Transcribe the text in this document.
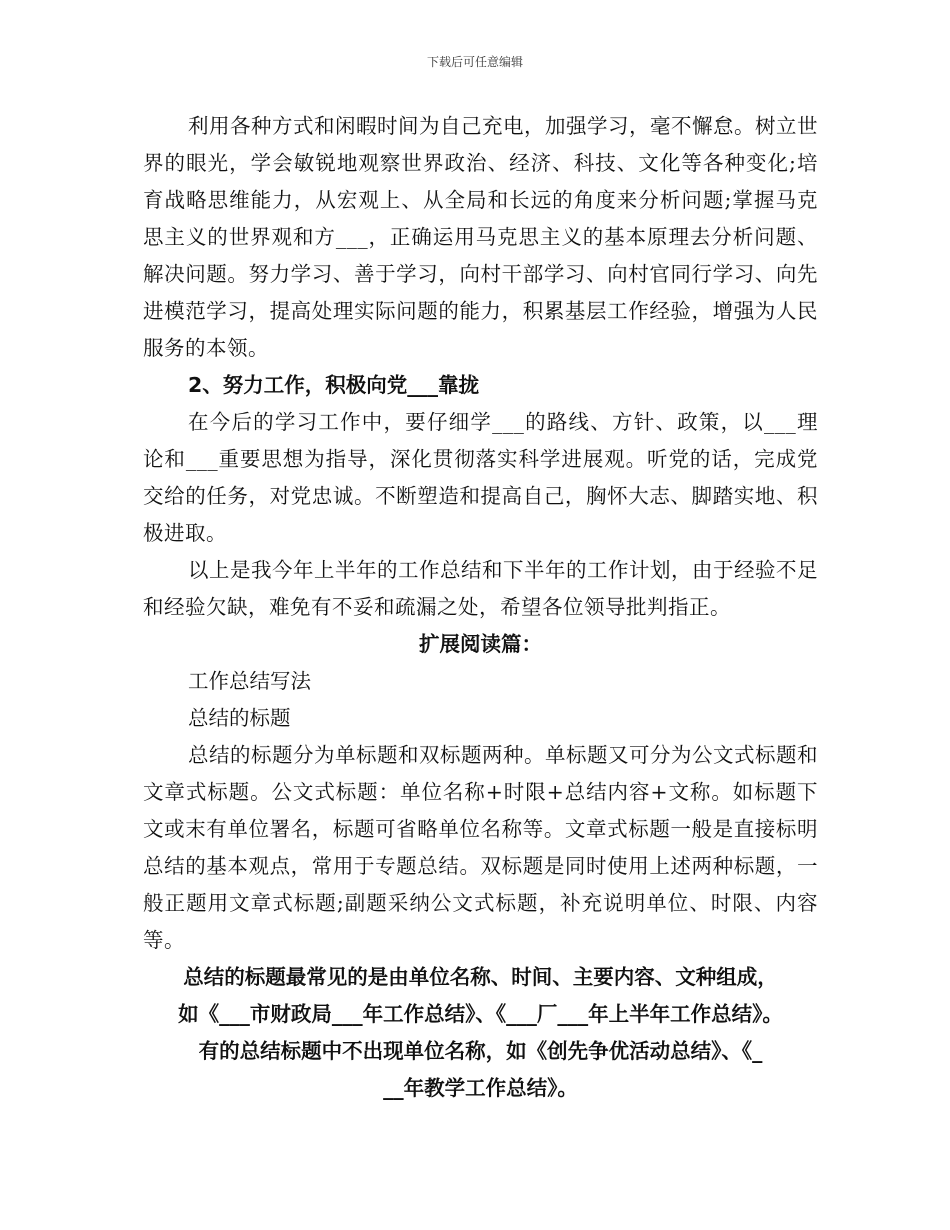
下载后可任意编辑

利用各种方式和闲暇时间为自己充电，加强学习，毫不懈怠。树立世界的眼光，学会敏锐地观察世界政治、经济、科技、文化等各种变化;培育战略思维能力，从宏观上、从全局和长远的角度来分析问题;掌握马克思主义的世界观和方___，正确运用马克思主义的基本原理去分析问题、解决问题。努力学习、善于学习，向村干部学习、向村官同行学习、向先进模范学习，提高处理实际问题的能力，积累基层工作经验，增强为人民服务的本领。

2、努力工作，积极向党___靠拢

在今后的学习工作中，要仔细学___的路线、方针、政策，以___理论和___重要思想为指导，深化贯彻落实科学进展观。听党的话，完成党交给的任务，对党忠诚。不断塑造和提高自己，胸怀大志、脚踏实地、积极进取。

以上是我今年上半年的工作总结和下半年的工作计划，由于经验不足和经验欠缺，难免有不妥和疏漏之处，希望各位领导批判指正。

扩展阅读篇：

工作总结写法

总结的标题

总结的标题分为单标题和双标题两种。单标题又可分为公文式标题和文章式标题。公文式标题：单位名称+时限+总结内容+文称。如标题下文或末有单位署名，标题可省略单位名称等。文章式标题一般是直接标明总结的基本观点，常用于专题总结。双标题是同时使用上述两种标题，一般正题用文章式标题;副题采纳公文式标题，补充说明单位、时限、内容等。

总结的标题最常见的是由单位名称、时间、主要内容、文种组成，

如《___市财政局___年工作总结》、《___厂___年上半年工作总结》。

有的总结标题中不出现单位名称，如《创先争优活动总结》、《_

__年教学工作总结》。
